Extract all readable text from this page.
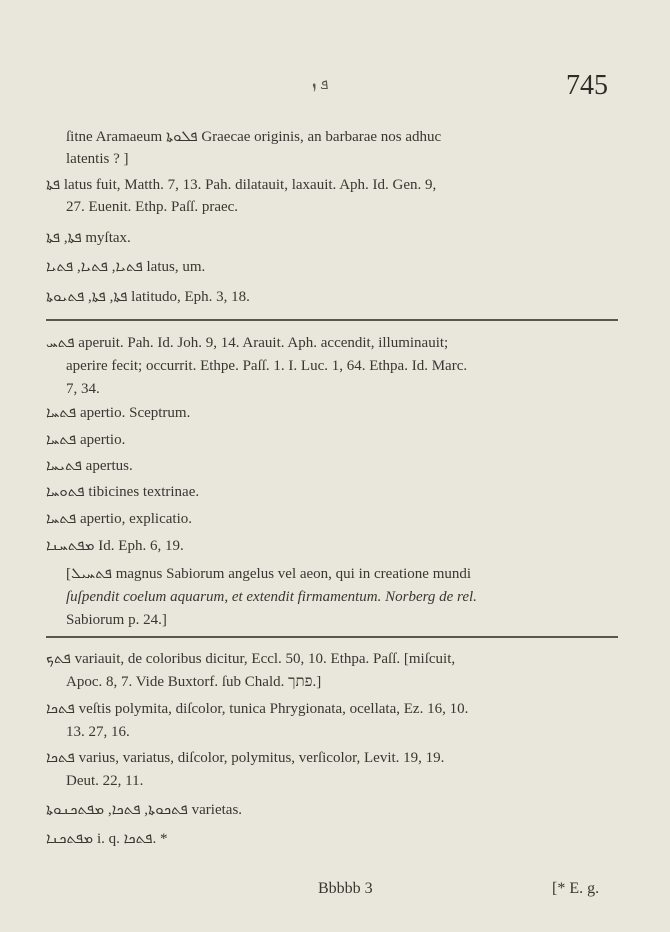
ܦ ܙ	745
ſitne Aramaeum ܦܠܘܬܐ Graecae originis, an barbarae nos adhuc
latentis ? ]
ܦܬܐ latus fuit, Matth. 7, 13. Pah. dilatauit, laxauit. Aph. Id. Gen. 9,
27. Euenit. Ethp. Paſſ. praec.
ܦܬܐ, ܦܬܐ myſtax.
ܦܬܝܐ, ܦܬܝܐ, ܦܬܝܐ latus, um.
ܦܬܐ, ܦܬܐ, ܦܬܝܘܬܐ latitudo, Eph. 3, 18.
ܦܬܚ aperuit. Pah. Id. Joh. 9, 14. Arauit. Aph. accendit, illuminauit;
aperire fecit; occurrit. Ethpe. Paſſ. 1. I. Luc. 1, 64. Ethpa. Id. Marc.
7, 34.
ܦܬܚܐ apertio. Sceptrum.
ܦܬܚܐ apertio.
ܦܬܝܚܐ apertus.
ܦܬܘܚܐ tibicines textrinae.
ܦܬܚܐ apertio, explicatio.
ܡܦܬܚܢܐ Id. Eph. 6, 19.
[ܦܬܚܝܠ magnus Sabiorum angelus vel aeon, qui in creatione mundi
ſuſpendit coelum aquarum, et extendit firmamentum. Norberg de rel.
Sabiorum p. 24.]
ܦܬܟ variauit, de coloribus dicitur, Eccl. 50, 10. Ethpa. Paſſ. [miſcuit,
Apoc. 8, 7. Vide Buxtorf. ſub Chald. פתך.]
ܦܬܟܐ veſtis polymita, diſcolor, tunica Phrygionata, ocellata, Ez. 16, 10.
13. 27, 16.
ܦܬܟܐ varius, variatus, diſcolor, polymitus, verſicolor, Levit. 19, 19.
Deut. 22, 11.
ܦܬܟܘܬܐ, ܦܬܟܐ, ܡܦܬܟܢܘܬܐ varietas.
ܡܦܬܟܢܐ i. q. ܦܬܟܐ. *
Bbbbb 3	[* E. g.
